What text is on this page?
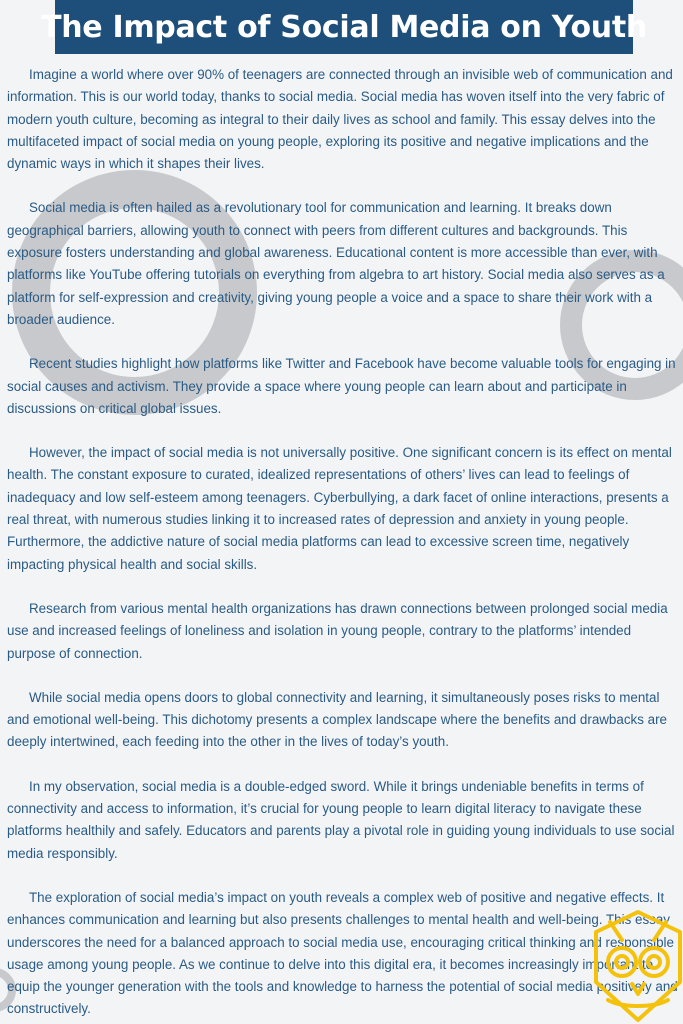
The Impact of Social Media on Youth

Imagine a world where over 90% of teenagers are connected through an invisible web of communication and information. This is our world today, thanks to social media. Social media has woven itself into the very fabric of modern youth culture, becoming as integral to their daily lives as school and family. This essay delves into the multifaceted impact of social media on young people, exploring its positive and negative implications and the dynamic ways in which it shapes their lives.

Social media is often hailed as a revolutionary tool for communication and learning. It breaks down geographical barriers, allowing youth to connect with peers from different cultures and backgrounds. This exposure fosters understanding and global awareness. Educational content is more accessible than ever, with platforms like YouTube offering tutorials on everything from algebra to art history. Social media also serves as a platform for self-expression and creativity, giving young people a voice and a space to share their work with a broader audience.

Recent studies highlight how platforms like Twitter and Facebook have become valuable tools for engaging in social causes and activism. They provide a space where young people can learn about and participate in discussions on critical global issues.

However, the impact of social media is not universally positive. One significant concern is its effect on mental health. The constant exposure to curated, idealized representations of others’ lives can lead to feelings of inadequacy and low self-esteem among teenagers. Cyberbullying, a dark facet of online interactions, presents a real threat, with numerous studies linking it to increased rates of depression and anxiety in young people. Furthermore, the addictive nature of social media platforms can lead to excessive screen time, negatively impacting physical health and social skills.

Research from various mental health organizations has drawn connections between prolonged social media use and increased feelings of loneliness and isolation in young people, contrary to the platforms’ intended purpose of connection.

While social media opens doors to global connectivity and learning, it simultaneously poses risks to mental and emotional well-being. This dichotomy presents a complex landscape where the benefits and drawbacks are deeply intertwined, each feeding into the other in the lives of today’s youth.

In my observation, social media is a double-edged sword. While it brings undeniable benefits in terms of connectivity and access to information, it’s crucial for young people to learn digital literacy to navigate these platforms healthily and safely. Educators and parents play a pivotal role in guiding young individuals to use social media responsibly.

The exploration of social media’s impact on youth reveals a complex web of positive and negative effects. It enhances communication and learning but also presents challenges to mental health and well-being. This essay underscores the need for a balanced approach to social media use, encouraging critical thinking and responsible usage among young people. As we continue to delve into this digital era, it becomes increasingly important to equip the younger generation with the tools and knowledge to harness the potential of social media positively and constructively.
